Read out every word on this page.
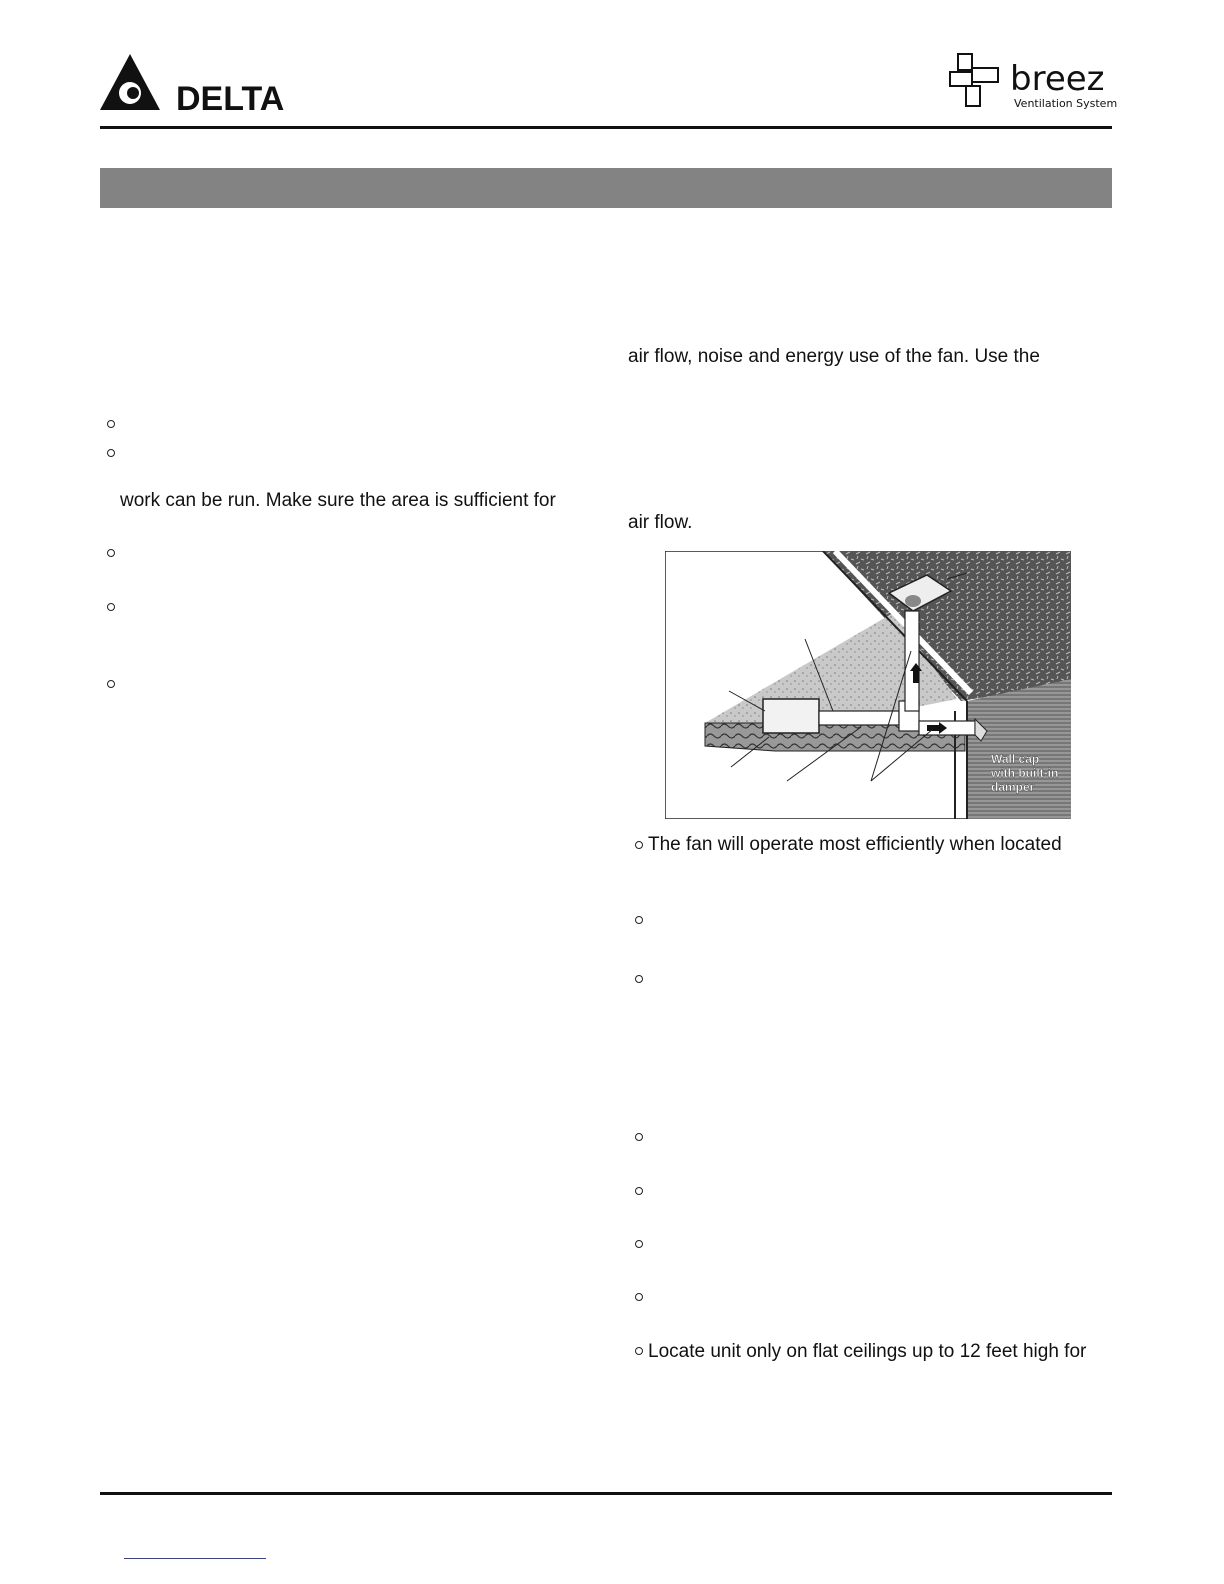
DELTA	breez
Ventilation System
work can be run. Make sure the area is sufficient for
air flow, noise and energy use of the fan. Use the
air flow.
Wall cap with built-in damper
The fan will operate most efficiently when located
Locate unit only on flat ceilings up to 12 feet high for
